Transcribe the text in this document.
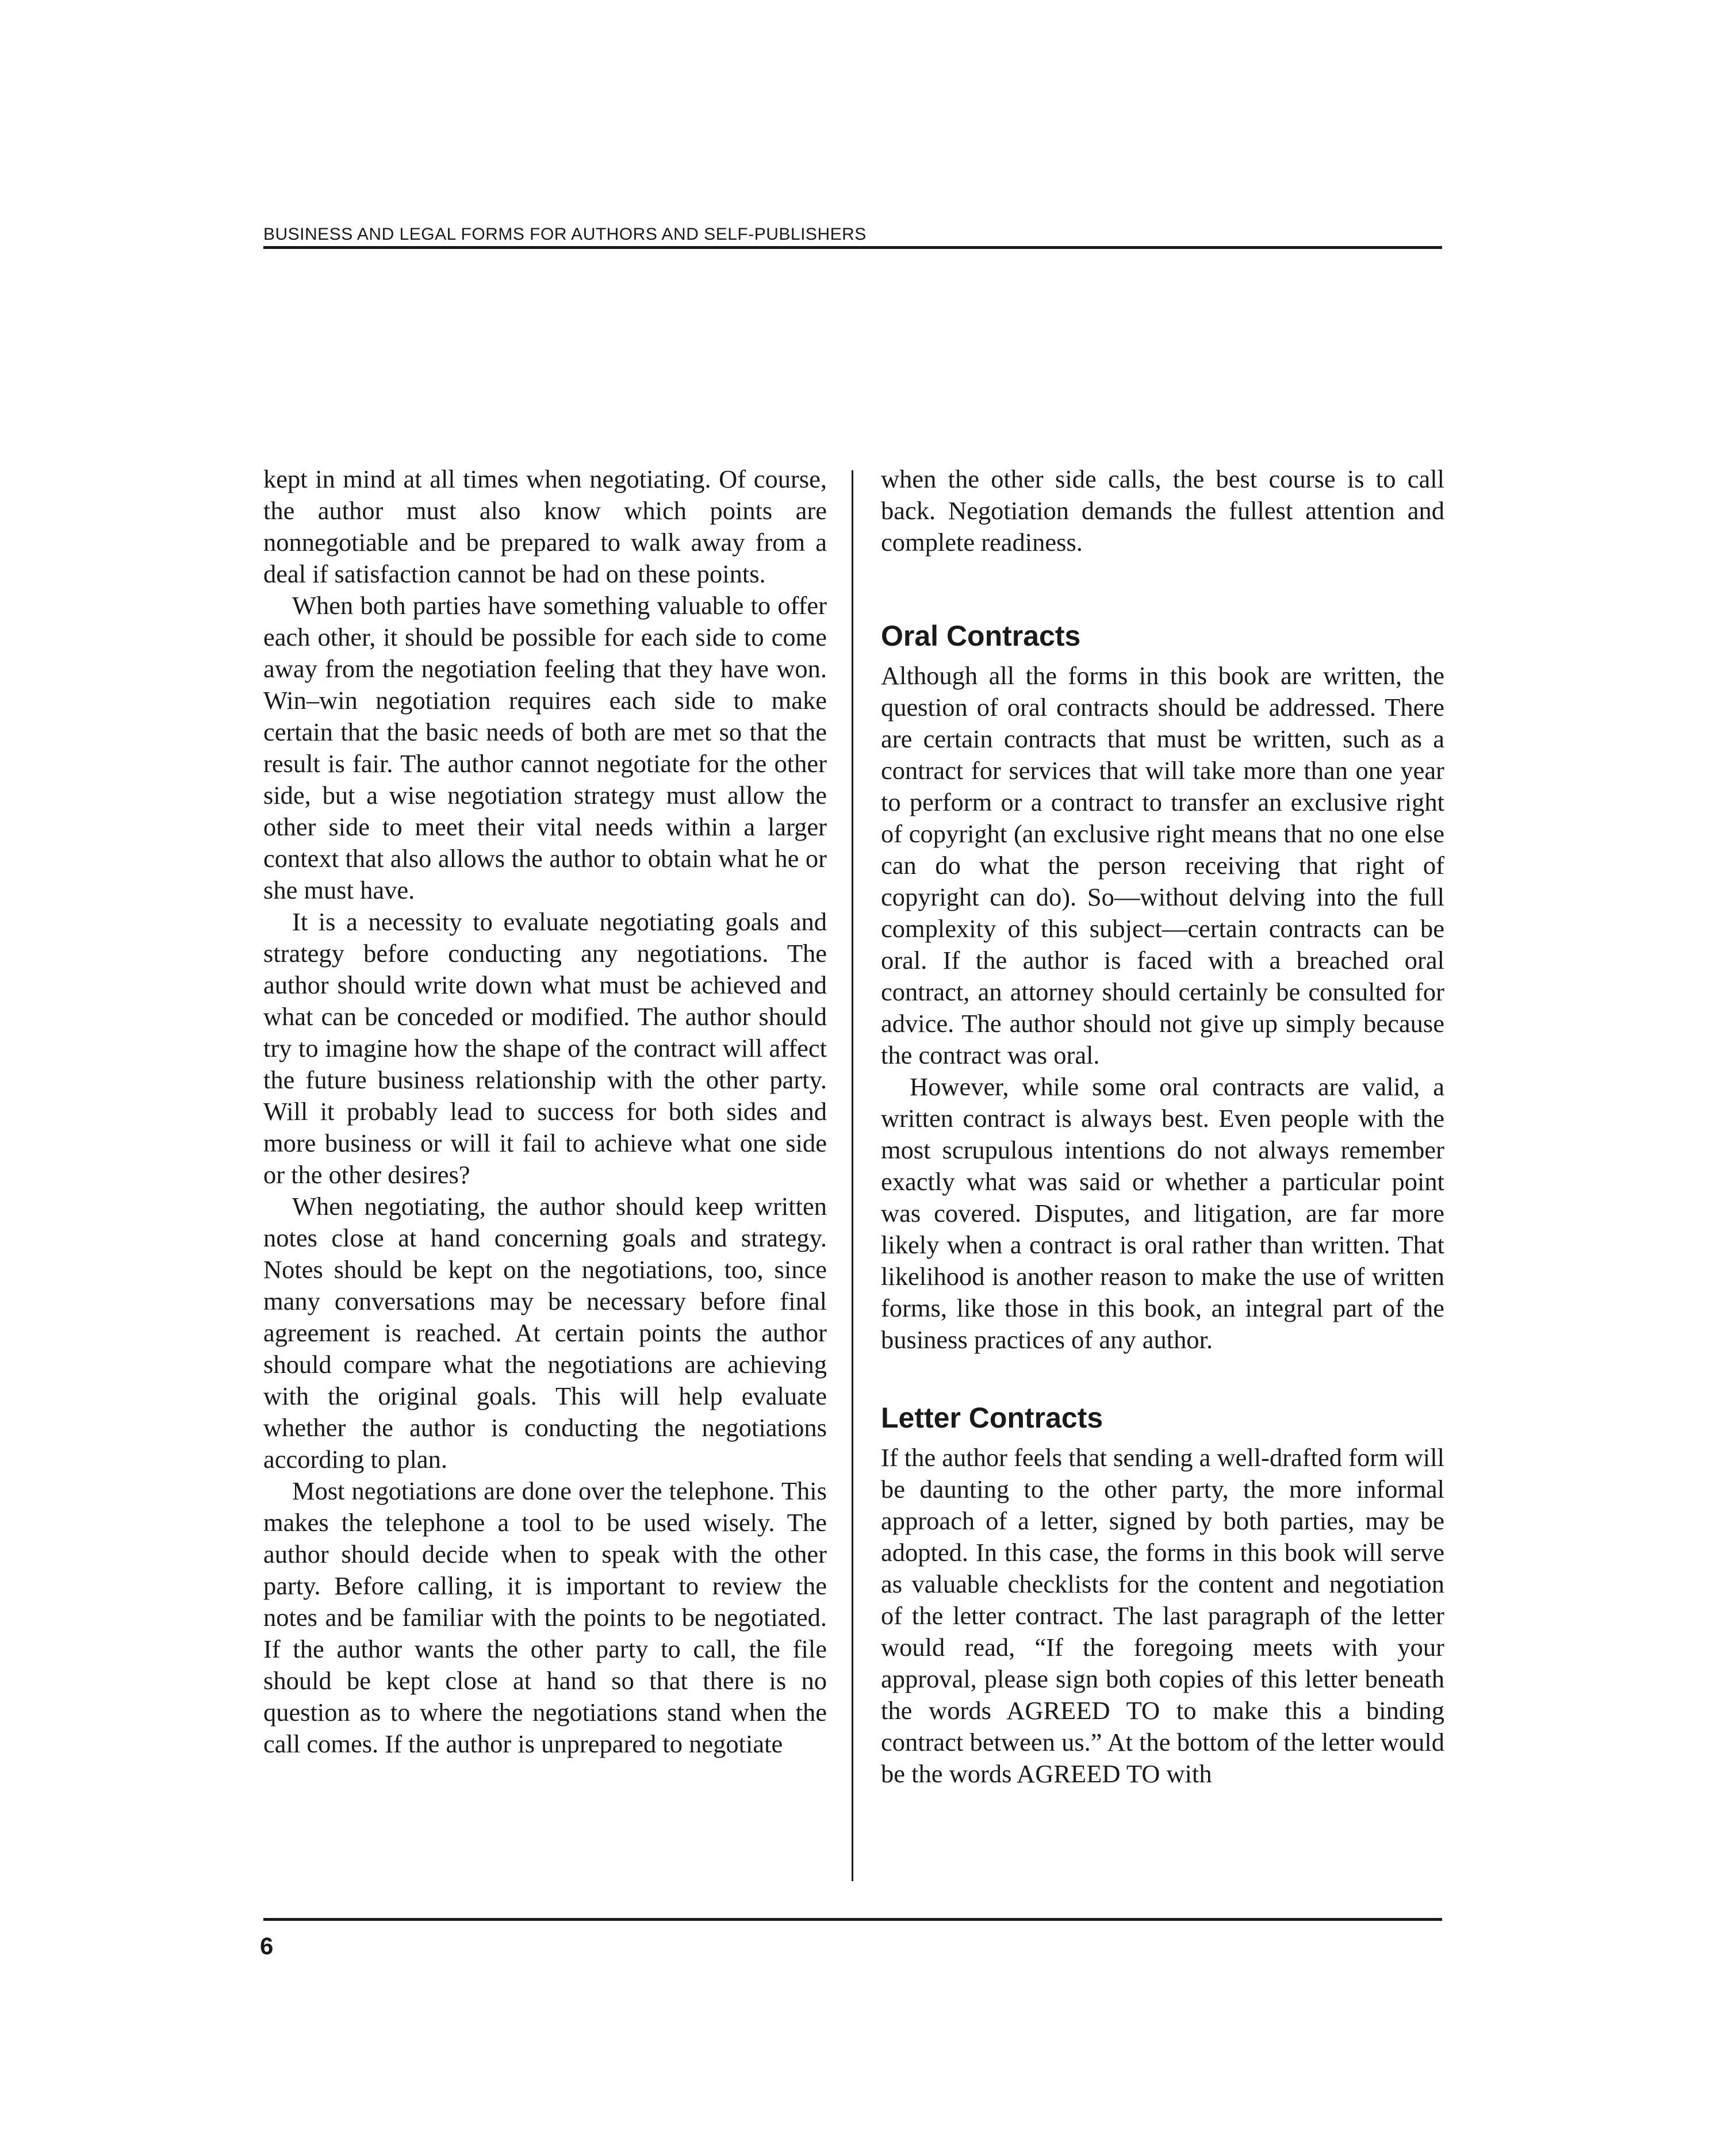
BUSINESS AND LEGAL FORMS FOR AUTHORS AND SELF-PUBLISHERS

kept in mind at all times when negotiating. Of course, the author must also know which points are nonnegotiable and be prepared to walk away from a deal if satisfaction cannot be had on these points.

When both parties have something valuable to offer each other, it should be possible for each side to come away from the negotiation feeling that they have won. Win–win negotiation requires each side to make certain that the basic needs of both are met so that the result is fair. The author cannot negotiate for the other side, but a wise negotiation strategy must allow the other side to meet their vital needs within a larger context that also allows the author to obtain what he or she must have.

It is a necessity to evaluate negotiating goals and strategy before conducting any negotiations. The author should write down what must be achieved and what can be conceded or modified. The author should try to imagine how the shape of the contract will affect the future business relationship with the other party. Will it probably lead to success for both sides and more business or will it fail to achieve what one side or the other desires?

When negotiating, the author should keep written notes close at hand concerning goals and strategy. Notes should be kept on the negotiations, too, since many conversations may be necessary before final agreement is reached. At certain points the author should compare what the negotiations are achieving with the original goals. This will help evaluate whether the author is conducting the negotiations according to plan.

Most negotiations are done over the telephone. This makes the telephone a tool to be used wisely. The author should decide when to speak with the other party. Before calling, it is important to review the notes and be familiar with the points to be negotiated. If the author wants the other party to call, the file should be kept close at hand so that there is no question as to where the negotiations stand when the call comes. If the author is unprepared to negotiate

when the other side calls, the best course is to call back. Negotiation demands the fullest attention and complete readiness.

Oral Contracts

Although all the forms in this book are written, the question of oral contracts should be addressed. There are certain contracts that must be written, such as a contract for services that will take more than one year to perform or a contract to transfer an exclusive right of copyright (an exclusive right means that no one else can do what the person receiving that right of copyright can do). So—without delving into the full complexity of this subject—certain contracts can be oral. If the author is faced with a breached oral contract, an attorney should certainly be consulted for advice. The author should not give up simply because the contract was oral.

However, while some oral contracts are valid, a written contract is always best. Even people with the most scrupulous intentions do not always remember exactly what was said or whether a particular point was covered. Disputes, and litigation, are far more likely when a contract is oral rather than written. That likelihood is another reason to make the use of written forms, like those in this book, an integral part of the business practices of any author.

Letter Contracts

If the author feels that sending a well-drafted form will be daunting to the other party, the more informal approach of a letter, signed by both parties, may be adopted. In this case, the forms in this book will serve as valuable checklists for the content and negotiation of the letter contract. The last paragraph of the letter would read, “If the foregoing meets with your approval, please sign both copies of this letter beneath the words AGREED TO to make this a binding contract between us.” At the bottom of the letter would be the words AGREED TO with

6
